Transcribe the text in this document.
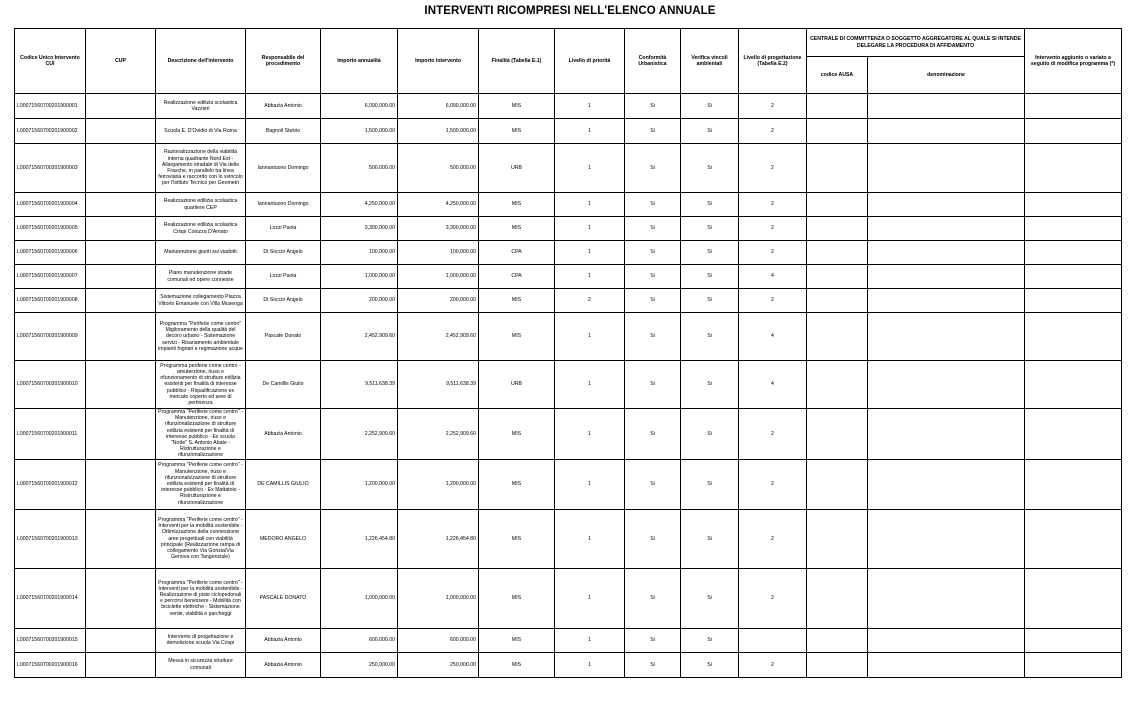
INTERVENTI RICOMPRESI NELL'ELENCO ANNUALE
Codice Unico Intervento CUI	CUP	Descrizione dell'intervento	Responsabile del procedimento	Importo annualità	Importo intervento	Finalità (Tabella E.1)	Livello di priorità	Conformità Urbanistica	Verifica vincoli ambientali	Livello di progettazione (Tabella E.2)	CENTRALE DI COMMITTENZA O SOGGETTO AGGREGATORE AL QUALE SI INTENDE DELEGARE LA PROCEDURA DI AFFIDAMENTO		Intervento aggiunto o variato a seguito di modifica programma (*)
											codice AUSA	denominazione	
L00071560700201900001		Realizzazione edilizia scolastica Vazzieri	Abbazia Antonio	6,090,000.00	6,090,000.00	MIS	1	Si	Si	2			
L00071560700201900002		Scuola E. D'Ovidio di Via Roma	Bagnoli Stelvio	1,500,000.00	1,500,000.00	MIS	1	Si	Si	2			
L00071560700201900003		Razionalizzazione della viabilità interna quadrante Nord Est - Allargamento stradale di Via delle Frasche, in parallelo tra linea ferroviaria e raccordo con lo svincolo per l'Istituto Tecnico per Geometri	Iannantuono Domingo	500,000.00	500,000.00	URB	1	Si	Si	2			
L00071560700201900004		Realizzazione edilizia scolastica quartiere CEP	Iannantuono Domingo	4,250,000.00	4,250,000.00	MIS	1	Si	Si	2			
L00071560700201900005		Realizzazione edilizia scolastica Crispi Colozza D'Amato	Lozzi Paola	3,300,000.00	3,300,000.00	MIS	1	Si	Si	2			
L00071560700201900006		Manutenzione giunti sui viadotti	Di Soccio Angelo	100,000.00	100,000.00	CPA	1	Si	Si	2			
L00071560700201900007		Piano manutenzione strade comunali ed opere connesse	Lozzi Paola	1,000,000.00	1,000,000.00	CPA	1	Si	Si	4			
L00071560700201900008		Sistemazione collegamento Piazza Vittorio Emanuele con Villa Musenga	Di Soccio Angelo	200,000.00	200,000.00	MIS	2	Si	Si	2			
L00071560700201900009		Programma "Periferie come centro" Miglioramento della qualità del decoro urbano - Sistemazione servizi - Risanamento ambientale impianti fognari e regimazione acque	Pascale Donato	2,452,909.60	2,452,909.60	MIS	1	Si	Si	4			
L00071560700201900010		Programma periferie come centro - amuterzione, riuso e rifunzionamento di strutture edilizia esistenti per finalità di interesse pubblico - Riqualificazione ex mercato coperto ed aree di pertinenza	De Camillis Giulio	9,511,638.39	9,511,638.39	URB	1	Si	Si	4			
L00071560700201900011		Programma "Periferie come centro" - Manutenzione, riuso e rifunzionalizzazione di strutture edilizia esistenti per finalità di interesse pubblico - Ex scuola "Notte" S. Antonio Abate - Ristrutturazione e rifunzionalizzazione	Abbazia Antonio	2,252,909.60	2,252,909.60	MIS	1	Si	Si	2			
L00071560700201900012		Programma "Periferie come centro" - Manutenzione, riuso e rifunzionalizzazione di strutture edilizia esistenti per finalità di interesse pubblico - Ex Mattatoio - Ristrutturazione e rifunzionalizzazione	DE CAMILLIS GIULIO	1,200,000.00	1,200,000.00	MIS	1	Si	Si	2			
L00071560700201900013		Programma "Periferie come centro" - Interventi per la mobilità sostenibile - Ottimizzazione della connessione aree progettuali con viabilità principale (Realizzazione rampa di collegamento Via Gorizia/Via Genova con Tangenziale)	MEDORO ANGELO	1,226,454.80	1,226,454.80	MIS	1	Si	Si	2			
L00071560700201900014		Programma "Periferie come centro" - Interventi per la mobilità sostenibile - Realizzazione di piste ciclopedonali e percorsi benessere - Mobilità con biciclette elettriche - Sistemazione verde, viabilità e parcheggi	PASCALE DONATO	1,000,000.00	1,000,000.00	MIS	1	Si	Si	2			
L00071560700201900015		Intervento di progettazione e demolizione scuola Via Crispi	Abbazia Antonio	600,000.00	600,000.00	MIS	1	Si	Si				
L00071560700201900016		Messa in sicurezza strutture comunali	Abbazia Antonio	250,000.00	250,000.00	MIS	1	Si	Si	2			
